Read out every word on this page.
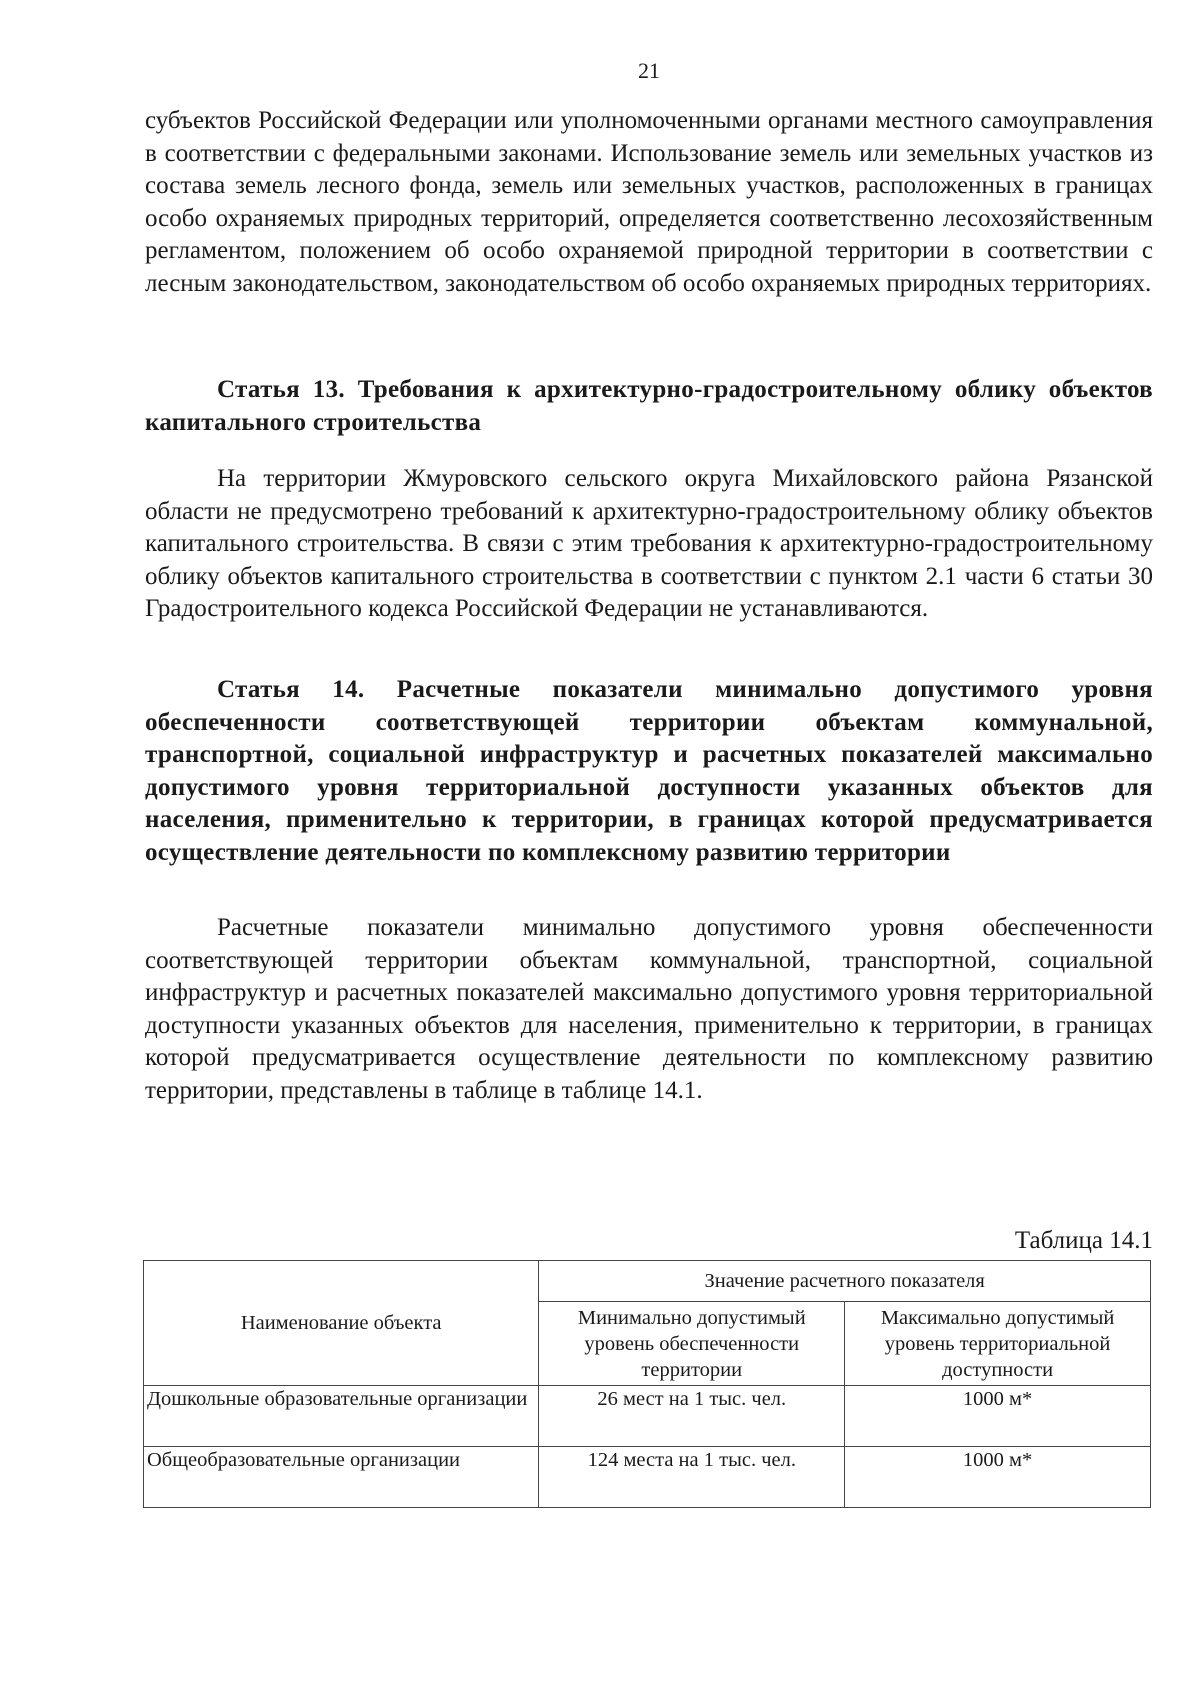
21

субъектов Российской Федерации или уполномоченными органами местного самоуправления в соответствии с федеральными законами. Использование земель или земельных участков из состава земель лесного фонда, земель или земельных участков, расположенных в границах особо охраняемых природных территорий, определяется соответственно лесохозяйственным регламентом, положением об особо охраняемой природной территории в соответствии с лесным законодательством, законодательством об особо охраняемых природных территориях.

Статья 13. Требования к архитектурно-градостроительному облику объектов капитального строительства

На территории Жмуровского сельского округа Михайловского района Рязанской области не предусмотрено требований к архитектурно-градостроительному облику объектов капитального строительства. В связи с этим требования к архитектурно-градостроительному облику объектов капитального строительства в соответствии с пунктом 2.1 части 6 статьи 30 Градостроительного кодекса Российской Федерации не устанавливаются.

Статья 14. Расчетные показатели минимально допустимого уровня обеспеченности соответствующей территории объектам коммунальной, транспортной, социальной инфраструктур и расчетных показателей максимально допустимого уровня территориальной доступности указанных объектов для населения, применительно к территории, в границах которой предусматривается осуществление деятельности по комплексному развитию территории

Расчетные показатели минимально допустимого уровня обеспеченности соответствующей территории объектам коммунальной, транспортной, социальной инфраструктур и расчетных показателей максимально допустимого уровня территориальной доступности указанных объектов для населения, применительно к территории, в границах которой предусматривается осуществление деятельности по комплексному развитию территории, представлены в таблице в таблице 14.1.

Таблица 14.1
Наименование объекта	Значение расчетного показателя	
	Минимально допустимый уровень обеспеченности территории	Максимально допустимый уровень территориальной доступности
Дошкольные образовательные организации	26 мест на 1 тыс. чел.	1000 м*
Общеобразовательные организации	124 места на 1 тыс. чел.	1000 м*
